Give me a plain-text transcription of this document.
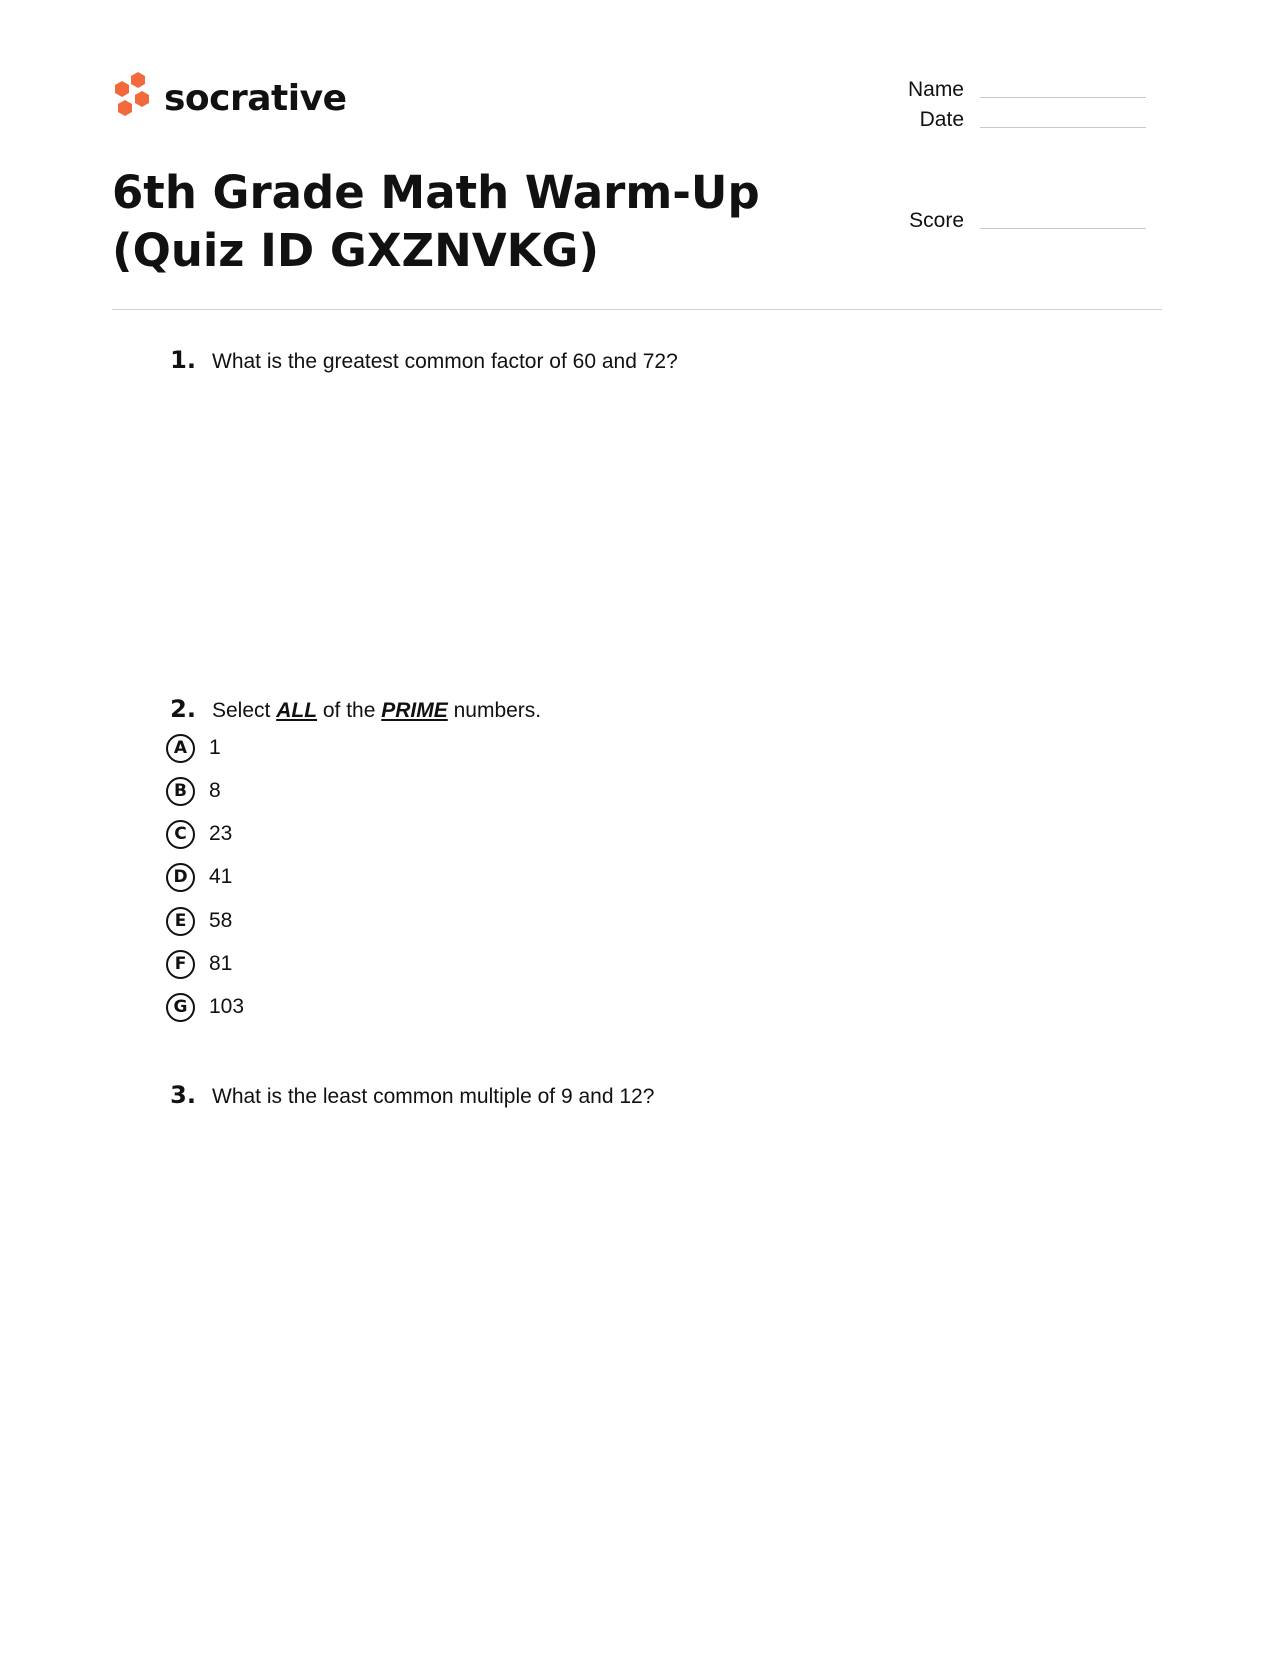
socrative	Name
Date
Score
6th Grade Math Warm-Up (Quiz ID GXZNVKG)
1. What is the greatest common factor of 60 and 72?
2. Select ALL of the PRIME numbers.
A	1
B	8
C	23
D	41
E	58
F	81
G	103
3. What is the least common multiple of 9 and 12?
